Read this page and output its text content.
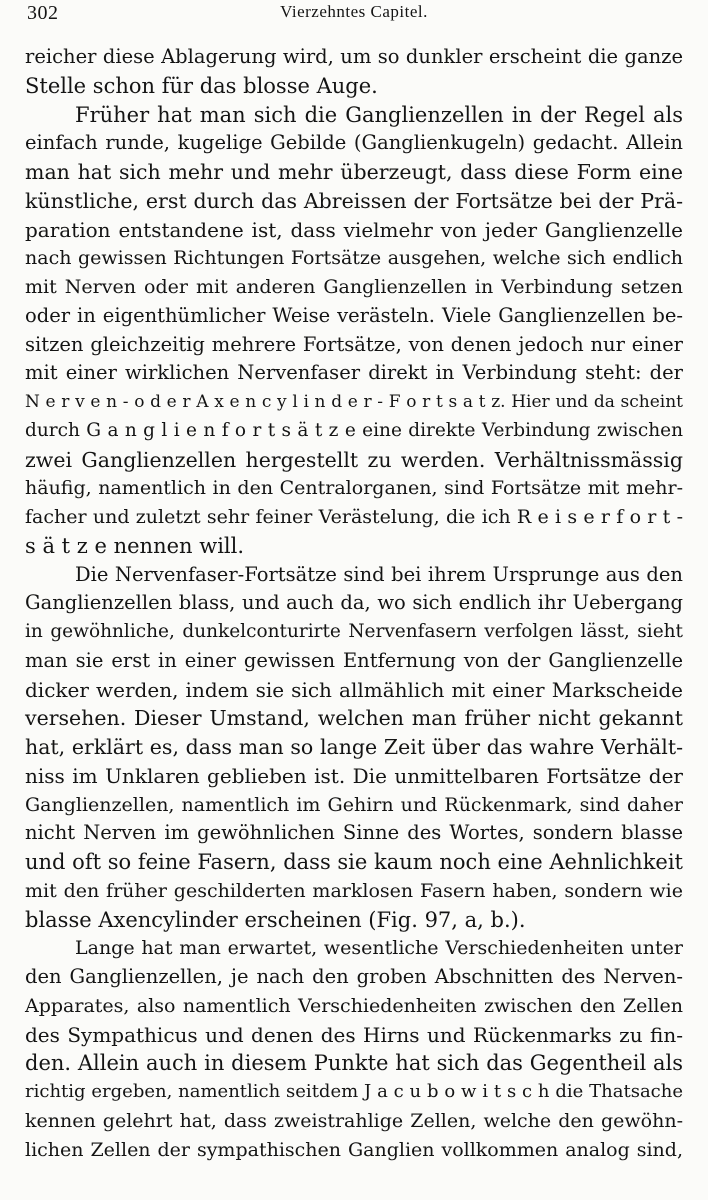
302	Vierzehntes Capitel.
reicher diese Ablagerung wird, um so dunkler erscheint die ganze
Stelle schon für das blosse Auge.
Früher hat man sich die Ganglienzellen in der Regel als
einfach runde, kugelige Gebilde (Ganglienkugeln) gedacht. Allein
man hat sich mehr und mehr überzeugt, dass diese Form eine
künstliche, erst durch das Abreissen der Fortsätze bei der Prä-
paration entstandene ist, dass vielmehr von jeder Ganglienzelle
nach gewissen Richtungen Fortsätze ausgehen, welche sich endlich
mit Nerven oder mit anderen Ganglienzellen in Verbindung setzen
oder in eigenthümlicher Weise verästeln. Viele Ganglienzellen be-
sitzen gleichzeitig mehrere Fortsätze, von denen jedoch nur einer
mit einer wirklichen Nervenfaser direkt in Verbindung steht: der
N e r v e n - o d e r A x e n c y l i n d e r - F o r t s a t z. Hier und da scheint
durch G a n g l i e n f o r t s ä t z e eine direkte Verbindung zwischen
zwei Ganglienzellen hergestellt zu werden. Verhältnissmässig
häufig, namentlich in den Centralorganen, sind Fortsätze mit mehr-
facher und zuletzt sehr feiner Verästelung, die ich R e i s e r f o r t -
s ä t z e nennen will.
Die Nervenfaser-Fortsätze sind bei ihrem Ursprunge aus den
Ganglienzellen blass, und auch da, wo sich endlich ihr Uebergang
in gewöhnliche, dunkelconturirte Nervenfasern verfolgen lässt, sieht
man sie erst in einer gewissen Entfernung von der Ganglienzelle
dicker werden, indem sie sich allmählich mit einer Markscheide
versehen. Dieser Umstand, welchen man früher nicht gekannt
hat, erklärt es, dass man so lange Zeit über das wahre Verhält-
niss im Unklaren geblieben ist. Die unmittelbaren Fortsätze der
Ganglienzellen, namentlich im Gehirn und Rückenmark, sind daher
nicht Nerven im gewöhnlichen Sinne des Wortes, sondern blasse
und oft so feine Fasern, dass sie kaum noch eine Aehnlichkeit
mit den früher geschilderten marklosen Fasern haben, sondern wie
blasse Axencylinder erscheinen (Fig. 97, a, b.).
Lange hat man erwartet, wesentliche Verschiedenheiten unter
den Ganglienzellen, je nach den groben Abschnitten des Nerven-
Apparates, also namentlich Verschiedenheiten zwischen den Zellen
des Sympathicus und denen des Hirns und Rückenmarks zu fin-
den. Allein auch in diesem Punkte hat sich das Gegentheil als
richtig ergeben, namentlich seitdem J a c u b o w i t s c h die Thatsache
kennen gelehrt hat, dass zweistrahlige Zellen, welche den gewöhn-
lichen Zellen der sympathischen Ganglien vollkommen analog sind,
